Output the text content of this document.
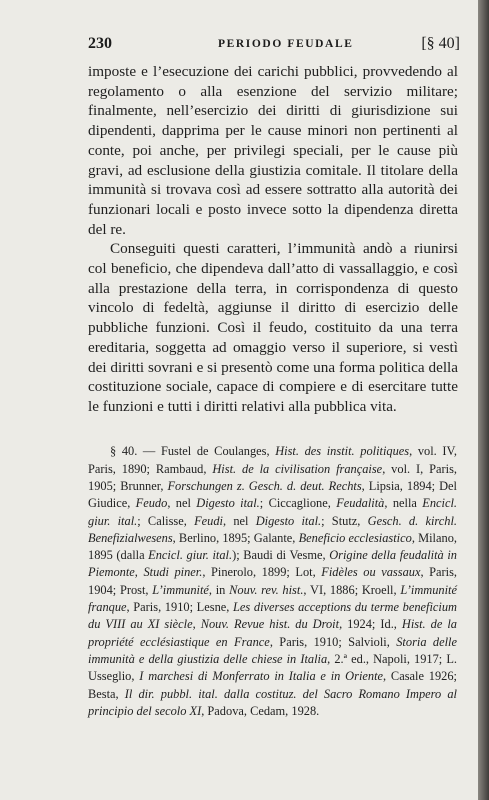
230	PERIODO FEUDALE	[§ 40]

imposte e l’esecuzione dei carichi pubblici, provvedendo al regolamento o alla esenzione del servizio militare; finalmente, nell’esercizio dei diritti di giurisdizione sui dipendenti, dapprima per le cause minori non pertinenti al conte, poi anche, per privilegi speciali, per le cause più gravi, ad esclusione della giustizia comitale. Il titolare della immunità si trovava così ad essere sottratto alla autorità dei funzionari locali e posto invece sotto la dipendenza diretta del re.

Conseguiti questi caratteri, l’immunità andò a riunirsi col beneficio, che dipendeva dall’atto di vassallaggio, e così alla prestazione della terra, in corrispondenza di questo vincolo di fedeltà, aggiunse il diritto di esercizio delle pubbliche funzioni. Così il feudo, costituito da una terra ereditaria, soggetta ad omaggio verso il superiore, si vestì dei diritti sovrani e si presentò come una forma politica della costituzione sociale, capace di compiere e di esercitare tutte le funzioni e tutti i diritti relativi alla pubblica vita.

§ 40. — Fustel de Coulanges, Hist. des instit. politiques, vol. IV, Paris, 1890; Rambaud, Hist. de la civilisation française, vol. I, Paris, 1905; Brunner, Forschungen z. Gesch. d. deut. Rechts, Lipsia, 1894; Del Giudice, Feudo, nel Digesto ital.; Ciccaglione, Feudalità, nella Encicl. giur. ital.; Calisse, Feudi, nel Digesto ital.; Stutz, Gesch. d. kirchl. Benefizialwesens, Berlino, 1895; Galante, Beneficio ecclesiastico, Milano, 1895 (dalla Encicl. giur. ital.); Baudi di Vesme, Origine della feudalità in Piemonte, Studi piner., Pinerolo, 1899; Lot, Fidèles ou vassaux, Paris, 1904; Prost, L’immunité, in Nouv. rev. hist., VI, 1886; Kroell, L’immunité franque, Paris, 1910; Lesne, Les diverses acceptions du terme beneficium du VIII au XI siècle, Nouv. Revue hist. du Droit, 1924; Id., Hist. de la propriété ecclésiastique en France, Paris, 1910; Salvioli, Storia delle immunità e della giustizia delle chiese in Italia, 2.ª ed., Napoli, 1917; L. Usseglio, I marchesi di Monferrato in Italia e in Oriente, Casale 1926; Besta, Il dir. pubbl. ital. dalla costituz. del Sacro Romano Impero al principio del secolo XI, Padova, Cedam, 1928.
